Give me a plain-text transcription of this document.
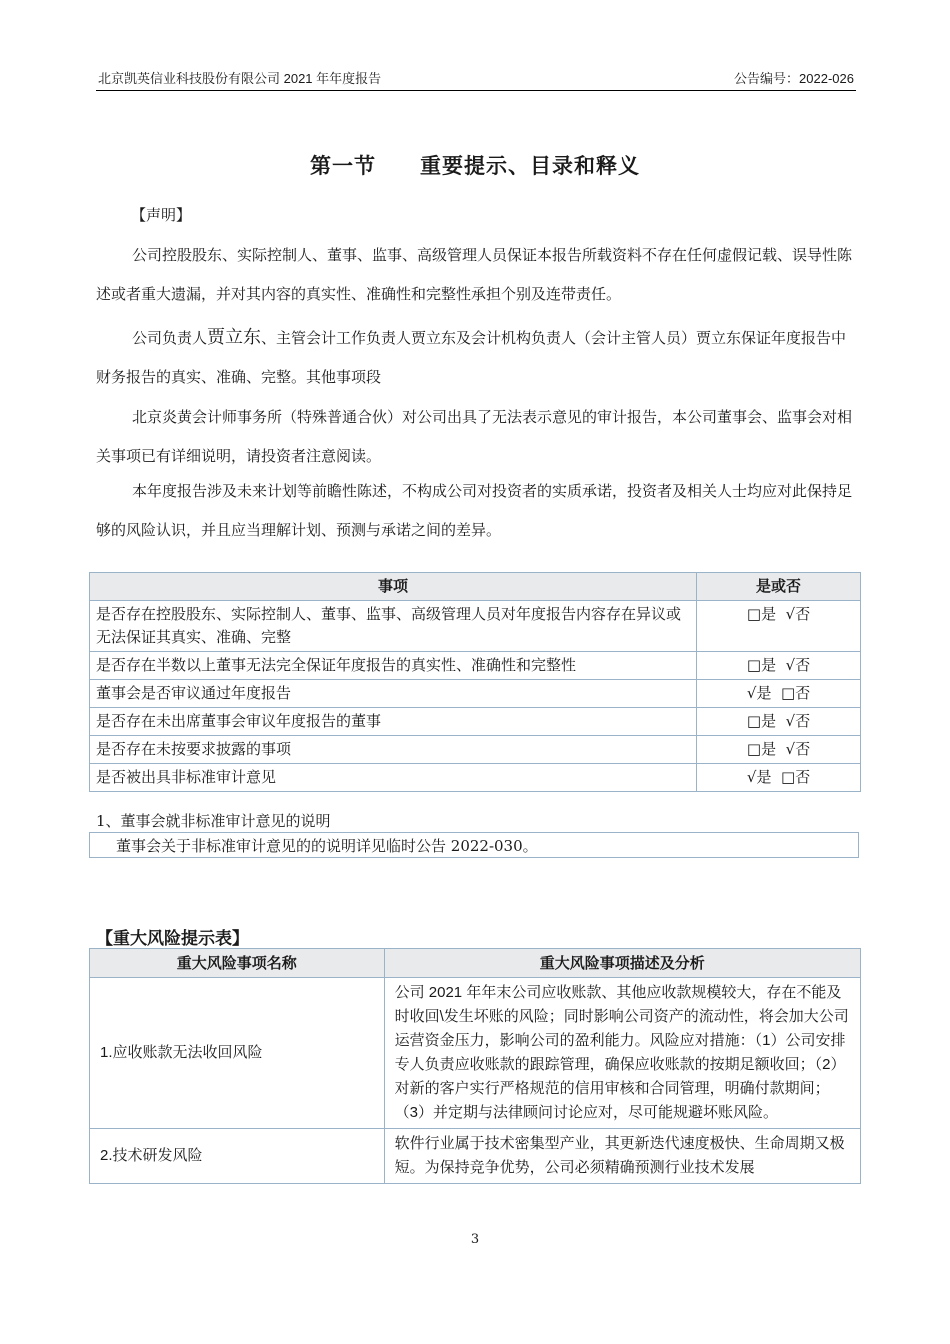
北京凯英信业科技股份有限公司 2021 年年度报告	公告编号：2022-026
第一节　　重要提示、目录和释义
【声明】

公司控股股东、实际控制人、董事、监事、高级管理人员保证本报告所载资料不存在任何虚假记载、误导性陈述或者重大遗漏，并对其内容的真实性、准确性和完整性承担个别及连带责任。

公司负责人贾立东、主管会计工作负责人贾立东及会计机构负责人（会计主管人员）贾立东保证年度报告中财务报告的真实、准确、完整。其他事项段

北京炎黄会计师事务所（特殊普通合伙）对公司出具了无法表示意见的审计报告，本公司董事会、监事会对相关事项已有详细说明，请投资者注意阅读。

本年度报告涉及未来计划等前瞻性陈述，不构成公司对投资者的实质承诺，投资者及相关人士均应对此保持足够的风险认识，并且应当理解计划、预测与承诺之间的差异。

事项	是或否
是否存在控股股东、实际控制人、董事、监事、高级管理人员对年度报告内容存在异议或无法保证其真实、准确、完整	□是  √否
是否存在半数以上董事无法完全保证年度报告的真实性、准确性和完整性	□是  √否
董事会是否审议通过年度报告	√是  □否
是否存在未出席董事会审议年度报告的董事	□是  √否
是否存在未按要求披露的事项	□是  √否
是否被出具非标准审计意见	√是  □否
1、董事会就非标准审计意见的说明
董事会关于非标准审计意见的的说明详见临时公告 2022-030。
【重大风险提示表】
重大风险事项名称	重大风险事项描述及分析
1.应收账款无法收回风险	公司 2021 年年末公司应收账款、其他应收款规模较大，存在不能及时收回\发生坏账的风险；同时影响公司资产的流动性，将会加大公司运营资金压力，影响公司的盈利能力。风险应对措施：（1）公司安排专人负责应收账款的跟踪管理，确保应收账款的按期足额收回；（2）对新的客户实行严格规范的信用审核和合同管理，明确付款期间；（3）并定期与法律顾问讨论应对，尽可能规避坏账风险。
2.技术研发风险	软件行业属于技术密集型产业，其更新迭代速度极快、生命周期又极短。为保持竞争优势，公司必须精确预测行业技术发展
3
